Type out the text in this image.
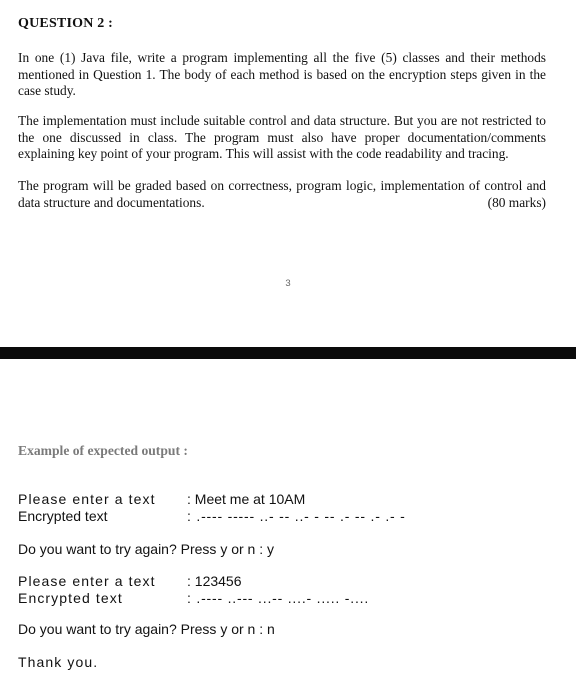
QUESTION 2 :
In one (1) Java file, write a program implementing all the five (5) classes and their methods mentioned in Question 1. The body of each method is based on the encryption steps given in the case study.
The implementation must include suitable control and data structure. But you are not restricted to the one discussed in class. The program must also have proper documentation/comments explaining key point of your program. This will assist with the code readability and tracing.
The program will be graded based on correctness, program logic, implementation of control and data structure and documentations.	(80 marks)
3
Example of expected output :
Please enter a text : Meet me at 10AM
Encrypted text	: .---- ----- ..- -- ..- - -- .- -- .- .- -
Do you want to try again? Press y or n : y
Please enter a text : 123456
Encrypted text	: .---- ..--- ...-- ....- ..... -....
Do you want to try again? Press y or n : n
Thank you.
